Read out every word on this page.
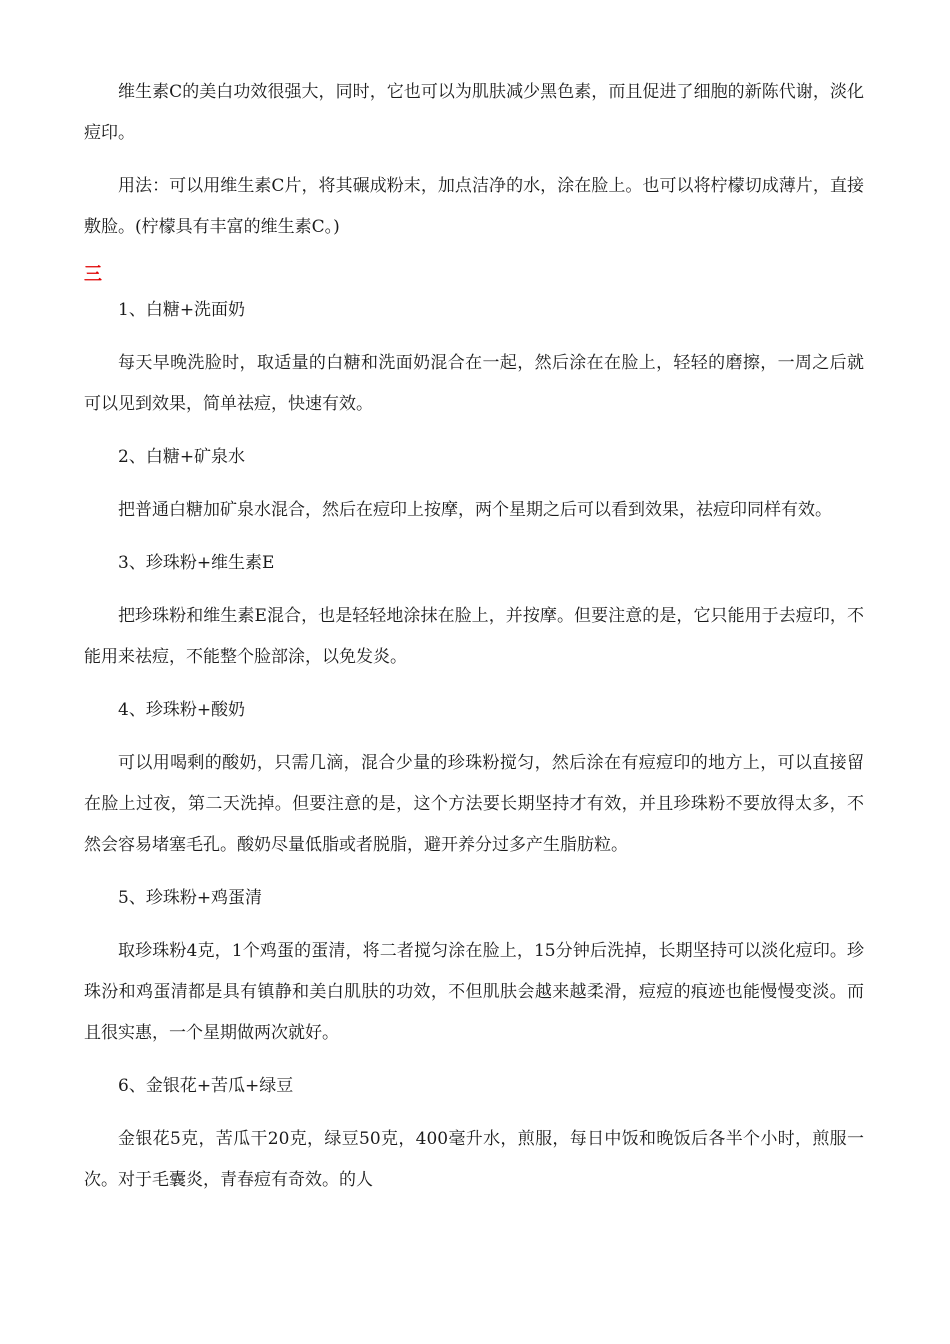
维生素C的美白功效很强大，同时，它也可以为肌肤减少黑色素，而且促进了细胞的新陈代谢，淡化痘印。

用法：可以用维生素C片，将其碾成粉末，加点洁净的水，涂在脸上。也可以将柠檬切成薄片，直接敷脸。(柠檬具有丰富的维生素C。)

三

1、白糖+洗面奶

每天早晚洗脸时，取适量的白糖和洗面奶混合在一起，然后涂在在脸上，轻轻的磨擦，一周之后就可以见到效果，简单祛痘，快速有效。

2、白糖+矿泉水

把普通白糖加矿泉水混合，然后在痘印上按摩，两个星期之后可以看到效果，祛痘印同样有效。

3、珍珠粉+维生素E

把珍珠粉和维生素E混合，也是轻轻地涂抹在脸上，并按摩。但要注意的是，它只能用于去痘印，不能用来祛痘，不能整个脸部涂，以免发炎。

4、珍珠粉+酸奶

可以用喝剩的酸奶，只需几滴，混合少量的珍珠粉搅匀，然后涂在有痘痘印的地方上，可以直接留在脸上过夜，第二天洗掉。但要注意的是，这个方法要长期坚持才有效，并且珍珠粉不要放得太多，不然会容易堵塞毛孔。酸奶尽量低脂或者脱脂，避开养分过多产生脂肪粒。

5、珍珠粉+鸡蛋清

取珍珠粉4克，1个鸡蛋的蛋清，将二者搅匀涂在脸上，15分钟后洗掉，长期坚持可以淡化痘印。珍珠汾和鸡蛋清都是具有镇静和美白肌肤的功效，不但肌肤会越来越柔滑，痘痘的痕迹也能慢慢变淡。而且很实惠，一个星期做两次就好。

6、金银花+苦瓜+绿豆

金银花5克，苦瓜干20克，绿豆50克，400毫升水，煎服，每日中饭和晚饭后各半个小时，煎服一次。对于毛囊炎，青春痘有奇效。的人
